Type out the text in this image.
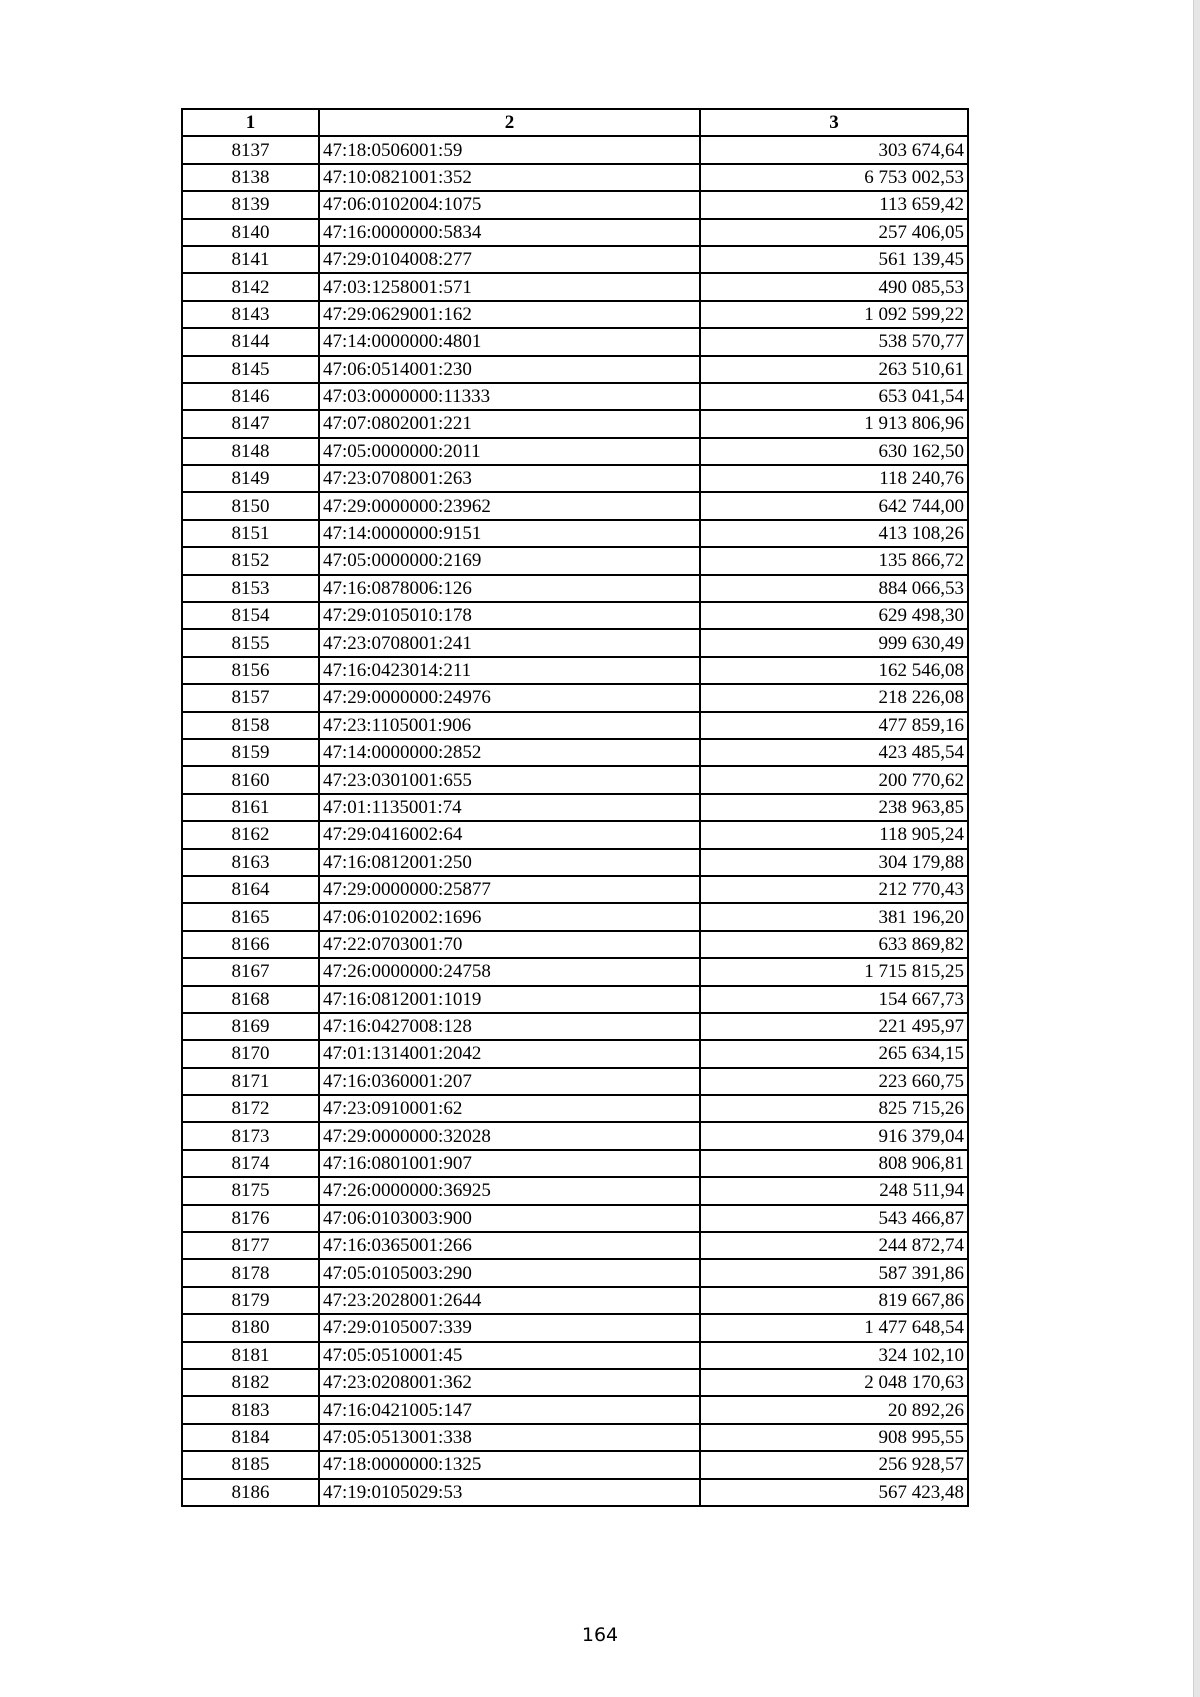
1	2	3
8137	47:18:0506001:59	303 674,64
8138	47:10:0821001:352	6 753 002,53
8139	47:06:0102004:1075	113 659,42
8140	47:16:0000000:5834	257 406,05
8141	47:29:0104008:277	561 139,45
8142	47:03:1258001:571	490 085,53
8143	47:29:0629001:162	1 092 599,22
8144	47:14:0000000:4801	538 570,77
8145	47:06:0514001:230	263 510,61
8146	47:03:0000000:11333	653 041,54
8147	47:07:0802001:221	1 913 806,96
8148	47:05:0000000:2011	630 162,50
8149	47:23:0708001:263	118 240,76
8150	47:29:0000000:23962	642 744,00
8151	47:14:0000000:9151	413 108,26
8152	47:05:0000000:2169	135 866,72
8153	47:16:0878006:126	884 066,53
8154	47:29:0105010:178	629 498,30
8155	47:23:0708001:241	999 630,49
8156	47:16:0423014:211	162 546,08
8157	47:29:0000000:24976	218 226,08
8158	47:23:1105001:906	477 859,16
8159	47:14:0000000:2852	423 485,54
8160	47:23:0301001:655	200 770,62
8161	47:01:1135001:74	238 963,85
8162	47:29:0416002:64	118 905,24
8163	47:16:0812001:250	304 179,88
8164	47:29:0000000:25877	212 770,43
8165	47:06:0102002:1696	381 196,20
8166	47:22:0703001:70	633 869,82
8167	47:26:0000000:24758	1 715 815,25
8168	47:16:0812001:1019	154 667,73
8169	47:16:0427008:128	221 495,97
8170	47:01:1314001:2042	265 634,15
8171	47:16:0360001:207	223 660,75
8172	47:23:0910001:62	825 715,26
8173	47:29:0000000:32028	916 379,04
8174	47:16:0801001:907	808 906,81
8175	47:26:0000000:36925	248 511,94
8176	47:06:0103003:900	543 466,87
8177	47:16:0365001:266	244 872,74
8178	47:05:0105003:290	587 391,86
8179	47:23:2028001:2644	819 667,86
8180	47:29:0105007:339	1 477 648,54
8181	47:05:0510001:45	324 102,10
8182	47:23:0208001:362	2 048 170,63
8183	47:16:0421005:147	20 892,26
8184	47:05:0513001:338	908 995,55
8185	47:18:0000000:1325	256 928,57
8186	47:19:0105029:53	567 423,48
164
